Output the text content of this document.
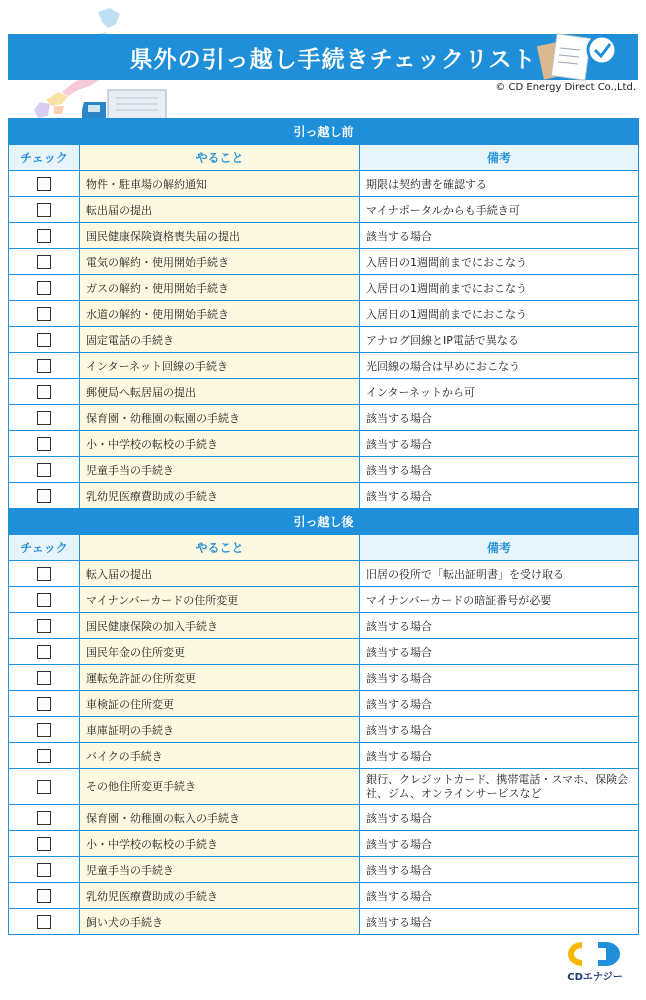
県外の引っ越し手続きチェックリスト
© CD Energy Direct Co.,Ltd.
引っ越し前		
チェック	やること	備考
	物件・駐車場の解約通知	期限は契約書を確認する
	転出届の提出	マイナポータルからも手続き可
	国民健康保険資格喪失届の提出	該当する場合
	電気の解約・使用開始手続き	入居日の1週間前までにおこなう
	ガスの解約・使用開始手続き	入居日の1週間前までにおこなう
	水道の解約・使用開始手続き	入居日の1週間前までにおこなう
	固定電話の手続き	アナログ回線とIP電話で異なる
	インターネット回線の手続き	光回線の場合は早めにおこなう
	郵便局へ転居届の提出	インターネットから可
	保育園・幼稚園の転園の手続き	該当する場合
	小・中学校の転校の手続き	該当する場合
	児童手当の手続き	該当する場合
	乳幼児医療費助成の手続き	該当する場合
引っ越し後		
チェック	やること	備考
	転入届の提出	旧居の役所で「転出証明書」を受け取る
	マイナンバーカードの住所変更	マイナンバーカードの暗証番号が必要
	国民健康保険の加入手続き	該当する場合
	国民年金の住所変更	該当する場合
	運転免許証の住所変更	該当する場合
	車検証の住所変更	該当する場合
	車庫証明の手続き	該当する場合
	バイクの手続き	該当する場合
	その他住所変更手続き	銀行、クレジットカード、携帯電話・スマホ、保険会社、ジム、オンラインサービスなど
	保育園・幼稚園の転入の手続き	該当する場合
	小・中学校の転校の手続き	該当する場合
	児童手当の手続き	該当する場合
	乳幼児医療費助成の手続き	該当する場合
	飼い犬の手続き	該当する場合
CDエナジー
